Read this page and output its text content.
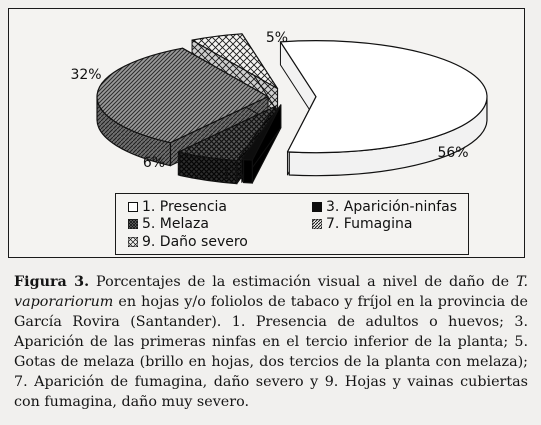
56%
1%
6%
32%
5%
1. Presencia	3. Aparición-ninfas
5. Melaza	7. Fumagina
9. Daño severo
Figura 3. Porcentajes de la estimación visual a nivel de daño de T. vaporariorum en hojas y/o foliolos de tabaco y fríjol en la provincia de García Rovira (Santander). 1. Presencia de adultos o huevos; 3. Aparición de las primeras ninfas en el tercio inferior de la planta; 5. Gotas de melaza (brillo en hojas, dos tercios de la planta con melaza); 7. Aparición de fumagina, daño severo y 9. Hojas y vainas cubiertas con fumagina, daño muy severo.
